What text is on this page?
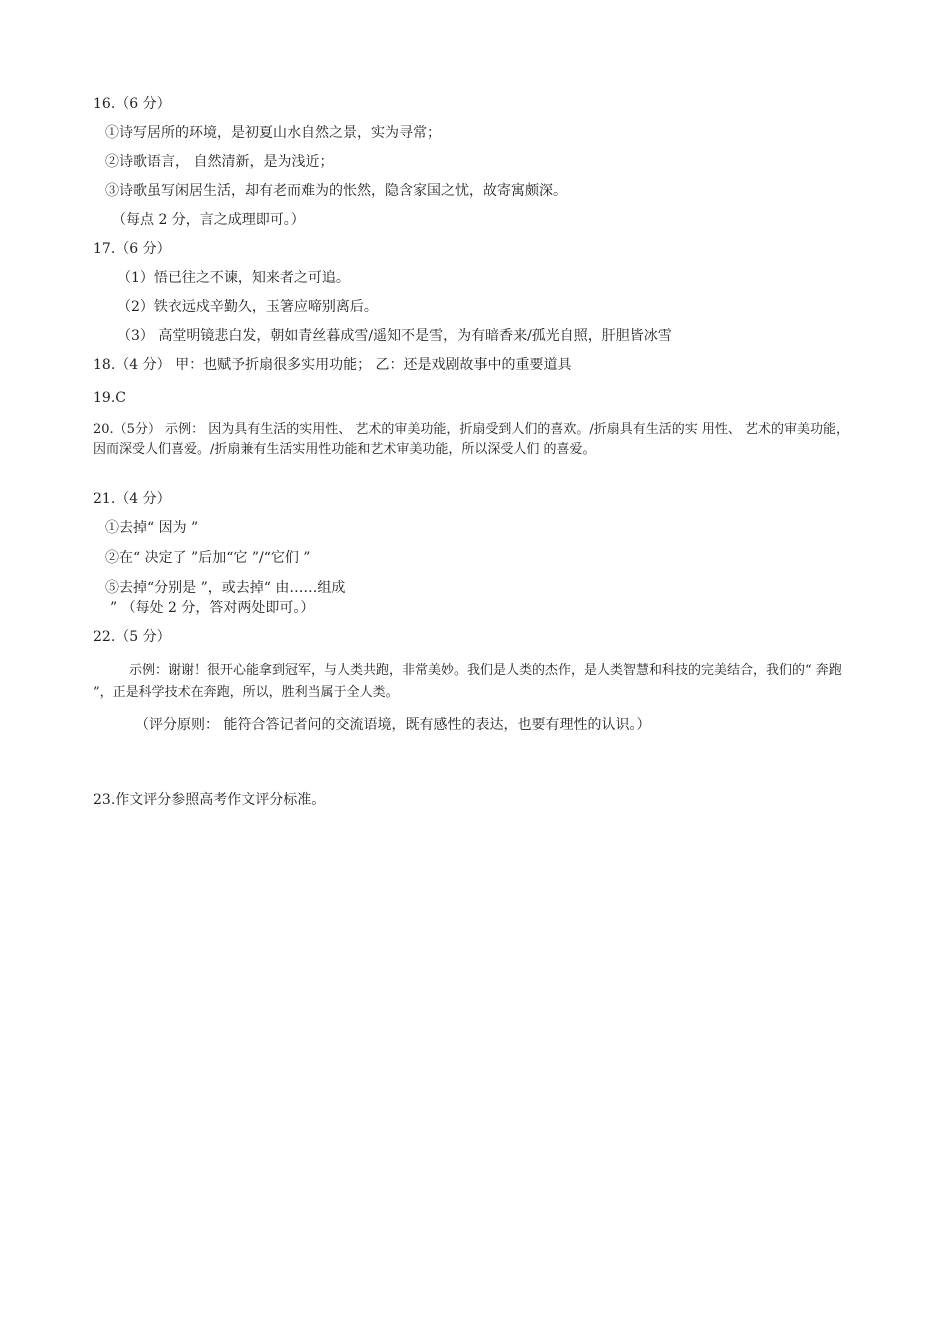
16.（6 分）
①诗写居所的环境，是初夏山水自然之景，实为寻常；
②诗歌语言， 自然清新，是为浅近；
③诗歌虽写闲居生活，却有老而难为的怅然，隐含家国之忧，故寄寓颇深。
（每点 2 分，言之成理即可。）
17.（6 分）
（1）悟已往之不谏，知来者之可追。
（2）铁衣远戍辛勤久，玉箸应啼别离后。
（3） 高堂明镜悲白发，朝如青丝暮成雪/遥知不是雪，为有暗香来/孤光自照，肝胆皆冰雪
18.（4 分） 甲：也赋予折扇很多实用功能； 乙：还是戏剧故事中的重要道具
19.C
20.（5分） 示例： 因为具有生活的实用性、 艺术的审美功能，折扇受到人们的喜欢。/折扇具有生活的实 用性、 艺术的审美功能， 因而深受人们喜爱。/折扇兼有生活实用性功能和艺术审美功能，所以深受人们 的喜爱。
21.（4 分）
①去掉“ 因为 ”
②在“ 决定了 ”后加“它 ”/“它们 ”
⑤去掉“分别是 ”，或去掉“ 由……组成
” （每处 2 分，答对两处即可。）
22.（5 分）
示例：谢谢！很开心能拿到冠军，与人类共跑，非常美妙。我们是人类的杰作，是人类智慧和科技的完美结合，我们的“ 奔跑 ”，正是科学技术在奔跑，所以，胜利当属于全人类。
（评分原则： 能符合答记者问的交流语境，既有感性的表达，也要有理性的认识。）
23.作文评分参照高考作文评分标准。
